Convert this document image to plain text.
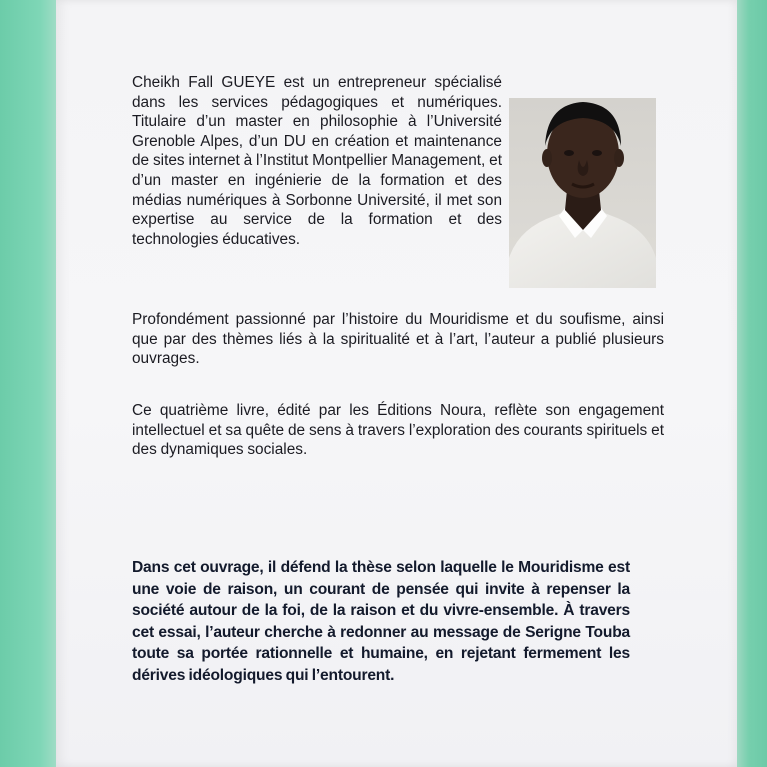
Cheikh Fall GUEYE est un entrepreneur spécialisé dans les services pédagogiques et numériques. Titulaire d’un master en philosophie à l’Université Grenoble Alpes, d’un DU en création et maintenance de sites internet à l’Institut Montpellier Management, et d’un master en ingénierie de la formation et des médias numériques à Sorbonne Université, il met son expertise au service de la formation et des technologies éducatives.

Profondément passionné par l’histoire du Mouridisme et du soufisme, ainsi que par des thèmes liés à la spiritualité et à l’art, l’auteur a publié plusieurs ouvrages.

Ce quatrième livre, édité par les Éditions Noura, reflète son engagement intellectuel et sa quête de sens à travers l’exploration des courants spirituels et des dynamiques sociales.

Dans cet ouvrage, il défend la thèse selon laquelle le Mouridisme est une voie de raison, un courant de pensée qui invite à repenser la société autour de la foi, de la raison et du vivre-ensemble. À travers cet essai, l’auteur cherche à redonner au message de Serigne Touba toute sa portée rationnelle et humaine, en rejetant fermement les dérives idéologiques qui l’entourent.
